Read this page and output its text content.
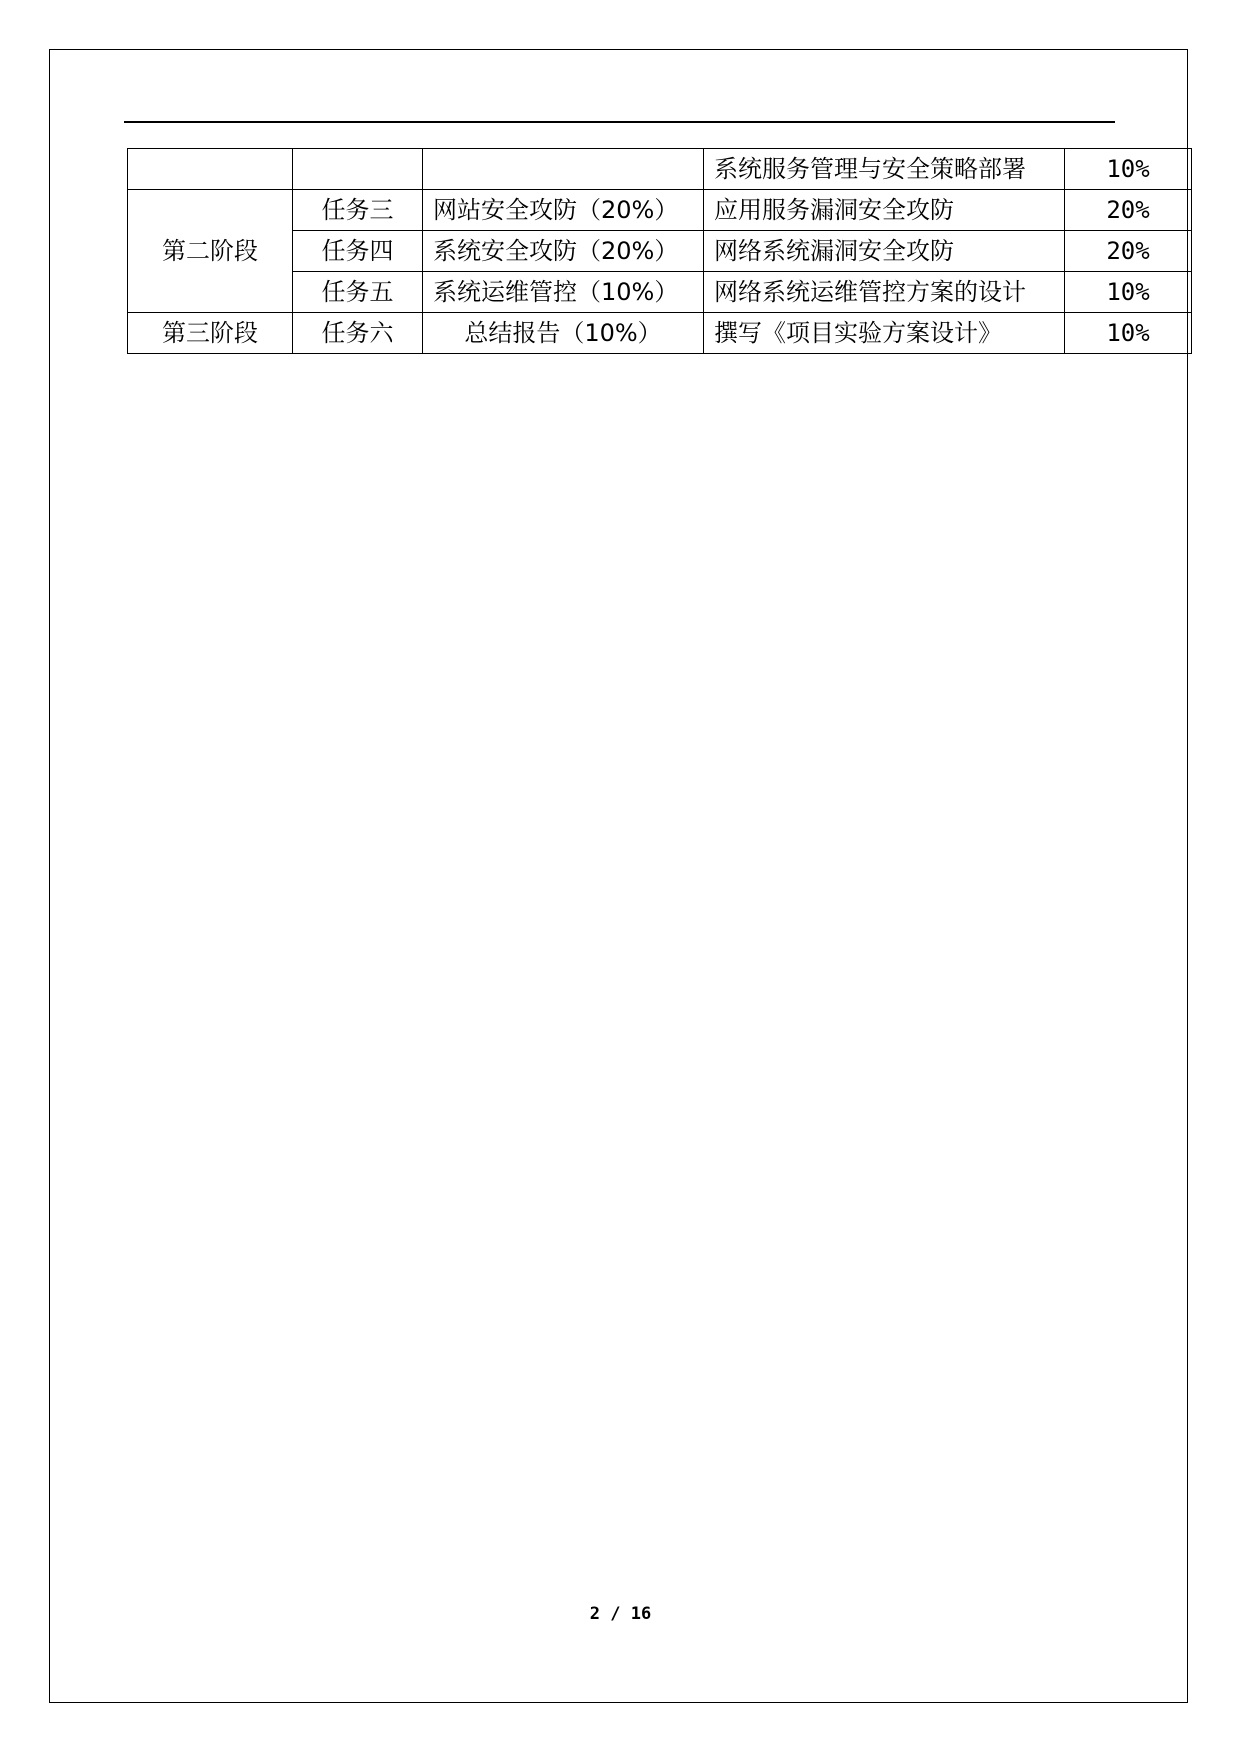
			系统服务管理与安全策略部署	10%
第二阶段	任务三	网站安全攻防（20%）	应用服务漏洞安全攻防	20%
	任务四	系统安全攻防（20%）	网络系统漏洞安全攻防	20%
	任务五	系统运维管控（10%）	网络系统运维管控方案的设计	10%
第三阶段	任务六	总结报告（10%）	撰写《项目实验方案设计》	10%
2 / 16
